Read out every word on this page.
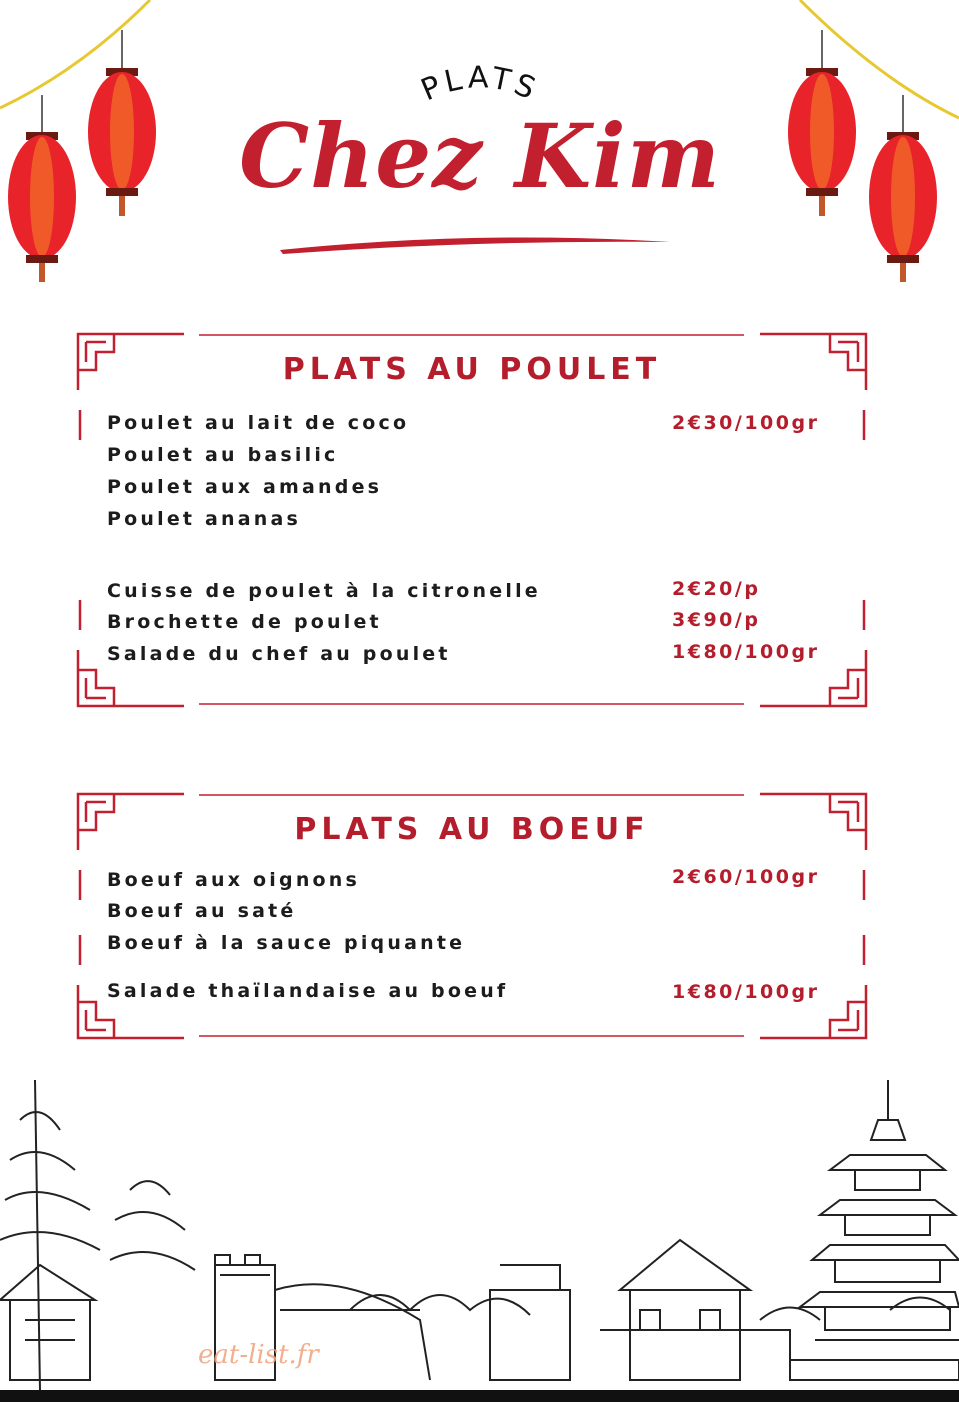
PLATS
Chez Kim
PLATS AU POULET
Poulet au lait de coco	2€30/100gr
Poulet au basilic
Poulet aux amandes
Poulet ananas
Cuisse de poulet à la citronelle	2€20/p
Brochette de poulet	3€90/p
Salade du chef au poulet	1€80/100gr
PLATS AU BOEUF
Boeuf aux oignons	2€60/100gr
Boeuf au saté
Boeuf à la sauce piquante
Salade thaïlandaise au boeuf	1€80/100gr
eat-list.fr
